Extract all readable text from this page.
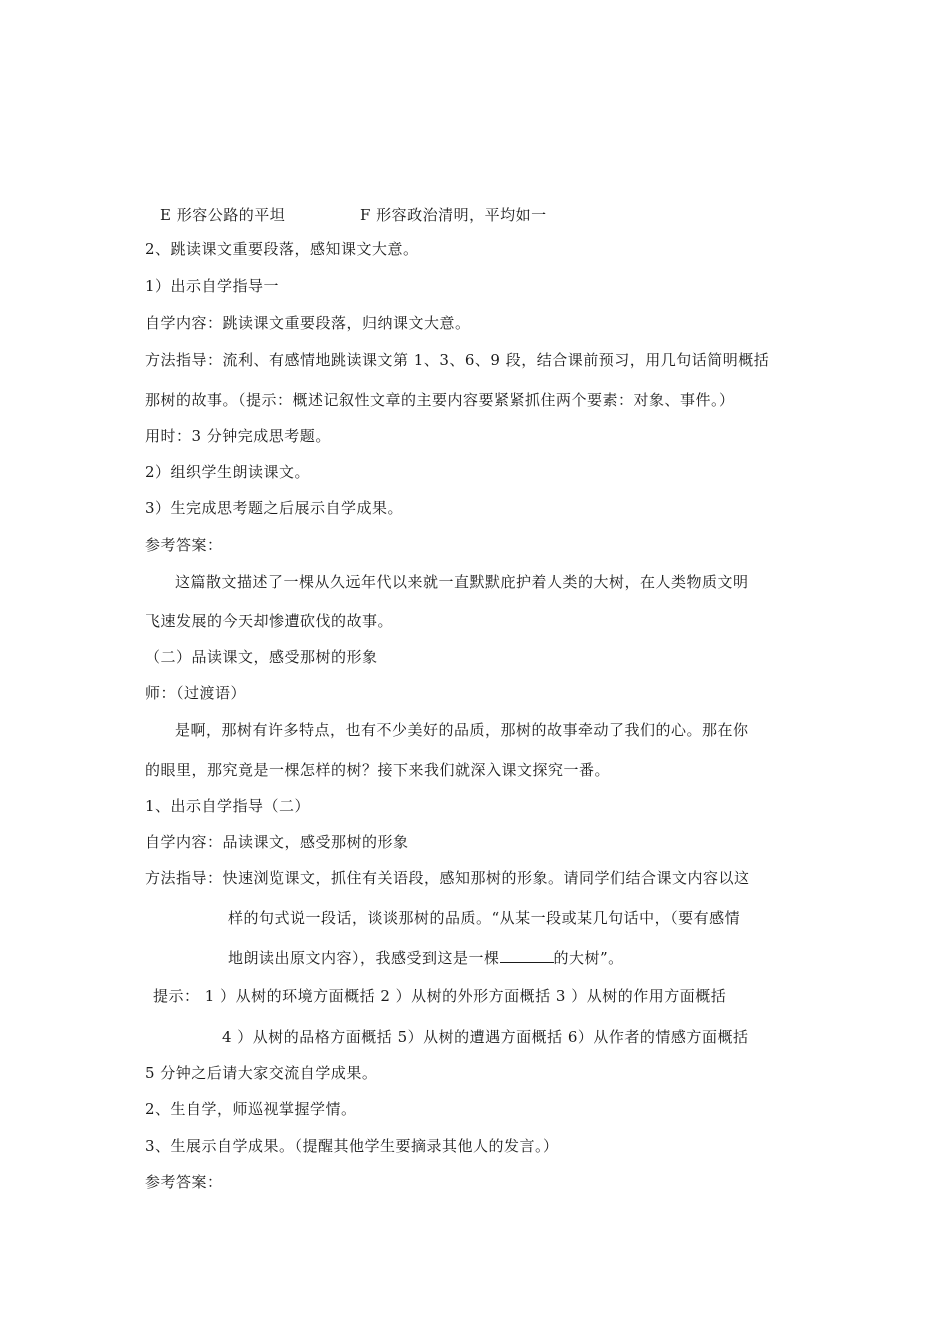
E 形容公路的平坦	F 形容政治清明，平均如一
2、跳读课文重要段落，感知课文大意。
1）出示自学指导一
自学内容：跳读课文重要段落，归纳课文大意。
方法指导：流利、有感情地跳读课文第 1、3、6、9 段，结合课前预习，用几句话简明概括
那树的故事。（提示：概述记叙性文章的主要内容要紧紧抓住两个要素：对象、事件。）
用时：3 分钟完成思考题。
2）组织学生朗读课文。
3）生完成思考题之后展示自学成果。
参考答案：
这篇散文描述了一棵从久远年代以来就一直默默庇护着人类的大树，在人类物质文明
飞速发展的今天却惨遭砍伐的故事。
（二）品读课文，感受那树的形象
师：（过渡语）
是啊，那树有许多特点，也有不少美好的品质，那树的故事牵动了我们的心。那在你
的眼里，那究竟是一棵怎样的树？接下来我们就深入课文探究一番。
1、出示自学指导（二）
自学内容：品读课文，感受那树的形象
方法指导：快速浏览课文，抓住有关语段，感知那树的形象。请同学们结合课文内容以这
样的句式说一段话，谈谈那树的品质。“从某一段或某几句话中，（要有感情
地朗读出原文内容），我感受到这是一棵	的大树”。
提示： 1 ）从树的环境方面概括 2 ）从树的外形方面概括 3 ）从树的作用方面概括
4 ）从树的品格方面概括 5）从树的遭遇方面概括 6）从作者的情感方面概括
5 分钟之后请大家交流自学成果。
2、生自学，师巡视掌握学情。
3、生展示自学成果。（提醒其他学生要摘录其他人的发言。）
参考答案：
